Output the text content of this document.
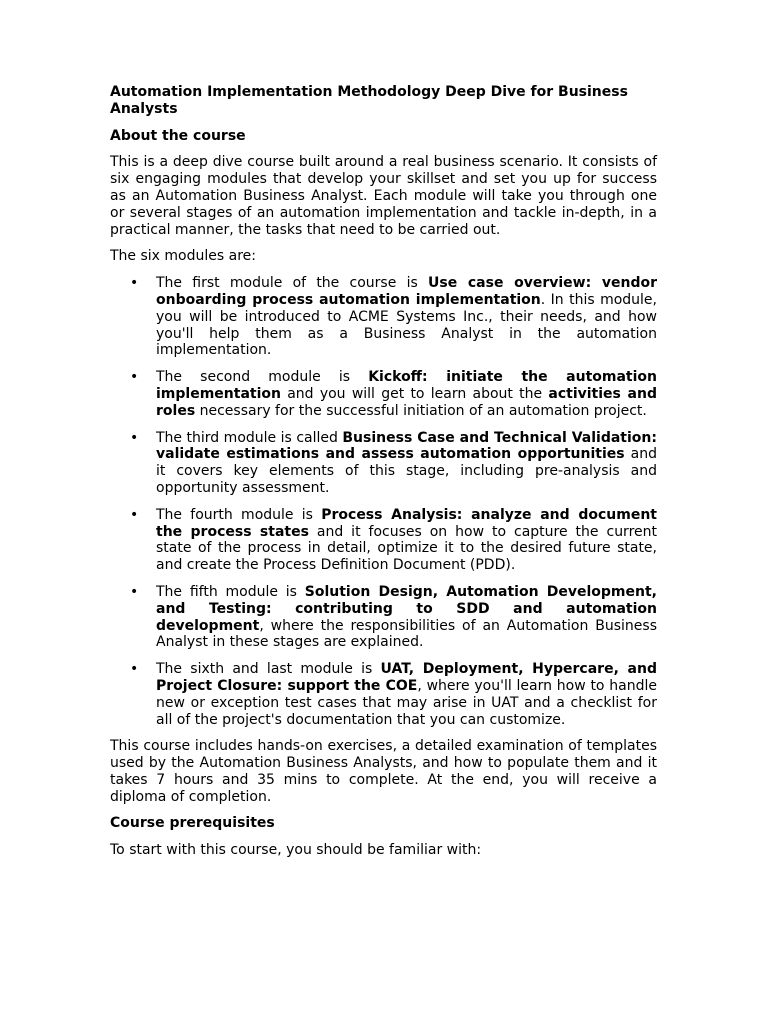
Automation Implementation Methodology Deep Dive for Business Analysts
About the course

This is a deep dive course built around a real business scenario. It consists of six engaging modules that develop your skillset and set you up for success as an Automation Business Analyst. Each module will take you through one or several stages of an automation implementation and tackle in-depth, in a practical manner, the tasks that need to be carried out.

The six modules are:

• The first module of the course is Use case overview: vendor onboarding process automation implementation. In this module, you will be introduced to ACME Systems Inc., their needs, and how you'll help them as a Business Analyst in the automation implementation.
• The second module is Kickoff: initiate the automation implementation and you will get to learn about the activities and roles necessary for the successful initiation of an automation project.
• The third module is called Business Case and Technical Validation: validate estimations and assess automation opportunities and it covers key elements of this stage, including pre-analysis and opportunity assessment.
• The fourth module is Process Analysis: analyze and document the process states and it focuses on how to capture the current state of the process in detail, optimize it to the desired future state, and create the Process Definition Document (PDD).
• The fifth module is Solution Design, Automation Development, and Testing: contributing to SDD and automation development, where the responsibilities of an Automation Business Analyst in these stages are explained.
• The sixth and last module is UAT, Deployment, Hypercare, and Project Closure: support the COE, where you'll learn how to handle new or exception test cases that may arise in UAT and a checklist for all of the project's documentation that you can customize.

This course includes hands-on exercises, a detailed examination of templates used by the Automation Business Analysts, and how to populate them and it takes 7 hours and 35 mins to complete. At the end, you will receive a diploma of completion.

Course prerequisites

To start with this course, you should be familiar with:
